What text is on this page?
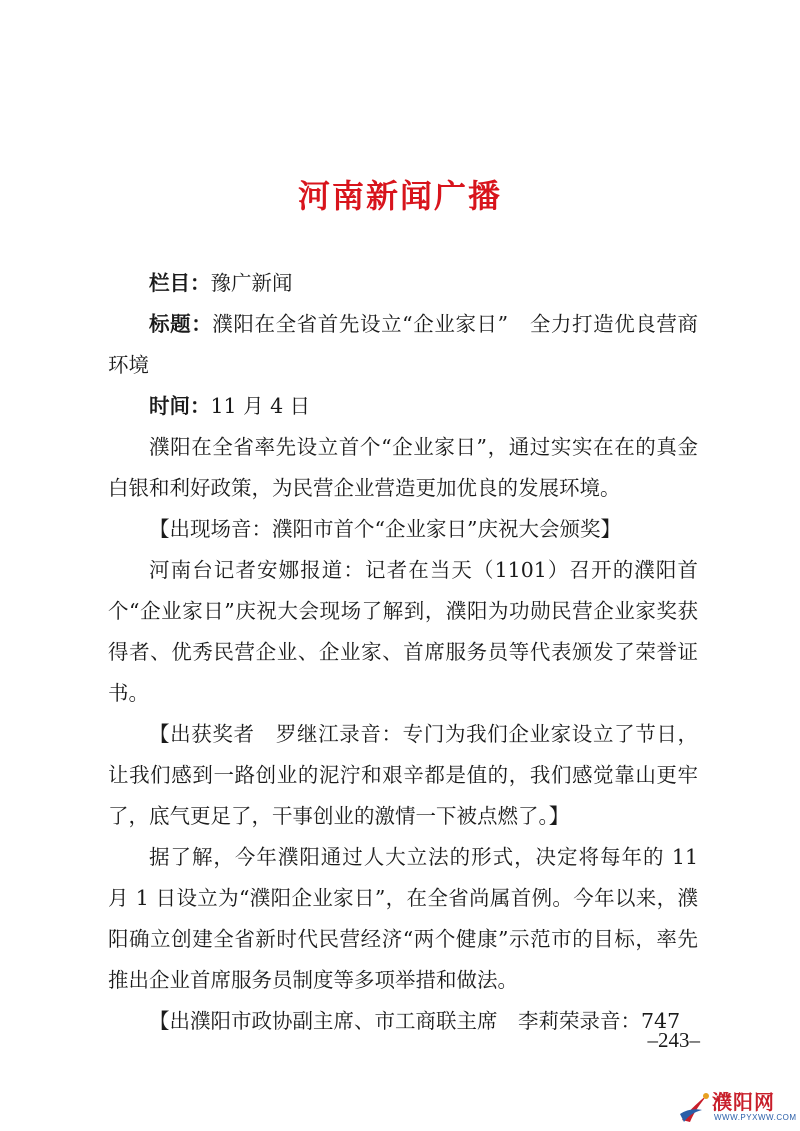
河南新闻广播

栏目：豫广新闻

标题：濮阳在全省首先设立“企业家日”　全力打造优良营商环境

时间：11 月 4 日

濮阳在全省率先设立首个“企业家日”，通过实实在在的真金白银和利好政策，为民营企业营造更加优良的发展环境。

【出现场音：濮阳市首个“企业家日”庆祝大会颁奖】

河南台记者安娜报道：记者在当天（1101）召开的濮阳首个“企业家日”庆祝大会现场了解到，濮阳为功勋民营企业家奖获得者、优秀民营企业、企业家、首席服务员等代表颁发了荣誉证书。

【出获奖者　罗继江录音：专门为我们企业家设立了节日，让我们感到一路创业的泥泞和艰辛都是值的，我们感觉靠山更牢了，底气更足了，干事创业的激情一下被点燃了。】

据了解，今年濮阳通过人大立法的形式，决定将每年的 11 月 1 日设立为“濮阳企业家日”，在全省尚属首例。今年以来，濮阳确立创建全省新时代民营经济“两个健康”示范市的目标，率先推出企业首席服务员制度等多项举措和做法。

【出濮阳市政协副主席、市工商联主席　李莉荣录音：747

–243–
濮阳网
WWW.PYXWW.COM
